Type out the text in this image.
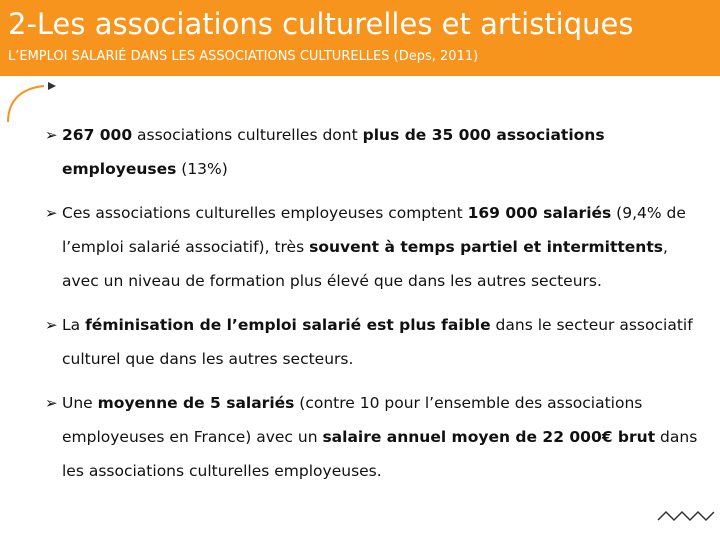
2-Les associations culturelles et artistiques
L’EMPLOI SALARIÉ DANS LES ASSOCIATIONS CULTURELLES (Deps, 2011)
➢ 267 000 associations culturelles dont plus de 35 000 associations employeuses (13%)

➢ Ces associations culturelles employeuses comptent 169 000 salariés (9,4% de l’emploi salarié associatif), très souvent à temps partiel et intermittents, avec un niveau de formation plus élevé que dans les autres secteurs.

➢ La féminisation de l’emploi salarié est plus faible dans le secteur associatif culturel que dans les autres secteurs.

➢ Une moyenne de 5 salariés (contre 10 pour l’ensemble des associations employeuses en France) avec un salaire annuel moyen de 22 000€ brut dans les associations culturelles employeuses.
